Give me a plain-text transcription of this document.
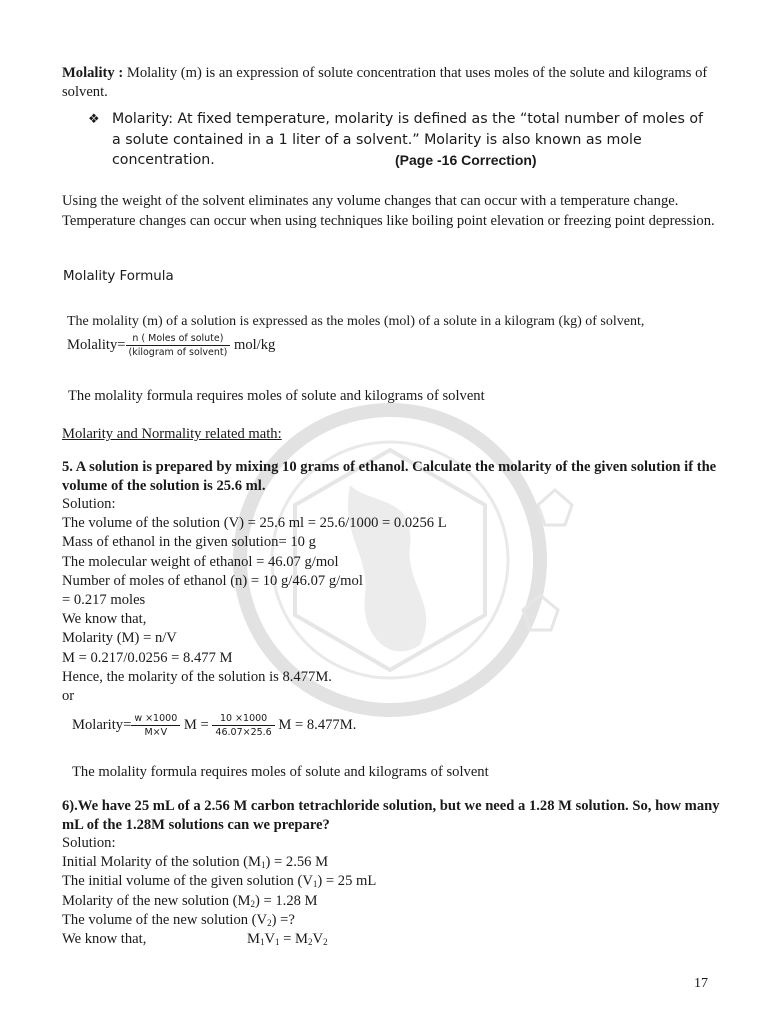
Molality : Molality (m) is an expression of solute concentration that uses moles of the solute and kilograms of solvent.
❖ Molarity: At fixed temperature, molarity is defined as the “total number of moles of a solute contained in a 1 liter of a solvent.” Molarity is also known as mole concentration.	(Page -16 Correction)
Using the weight of the solvent eliminates any volume changes that can occur with a temperature change. Temperature changes can occur when using techniques like boiling point elevation or freezing point depression.
Molality Formula
The molality (m) of a solution is expressed as the moles (mol) of a solute in a kilogram (kg) of solvent,
Molality= $\frac{\text{n ( Moles of solute)}}{\text{(kilogram of solvent)}} mol/kg$
The molality formula requires moles of solute and kilograms of solvent
Molarity and Normality related math:
5. A solution is prepared by mixing 10 grams of ethanol. Calculate the molarity of the given solution if the volume of the solution is 25.6 ml.
Solution:
The volume of the solution (V) = 25.6 ml = 25.6/1000 = 0.0256 L
Mass of ethanol in the given solution= 10 g
The molecular weight of ethanol = 46.07 g/mol
Number of moles of ethanol (n) = 10 g/46.07 g/mol
= 0.217 moles
We know that,
Molarity (M) = n/V
M = 0.217/0.0256 = 8.477 M
Hence, the molarity of the solution is 8.477M.
or
Molarity= $\frac{w \times 1000}{M\times V}$ $M = \frac{10 \times 1000}{46.07\times 25.6}$ M = 8.477M.
The molality formula requires moles of solute and kilograms of solvent
6).We have 25 mL of a 2.56 M carbon tetrachloride solution, but we need a 1.28 M solution. So, how many mL of the 1.28M solutions can we prepare?
Solution:
Initial Molarity of the solution $(M_1) = 2.56$ M
The initial volume of the given solution $(V_1) = 25$ mL
Molarity of the new solution $(M_2) = 1.28$ M
The volume of the new solution $(V_2)$ =?
We know that,	$M_1V_1 = M_2V_2$
17
